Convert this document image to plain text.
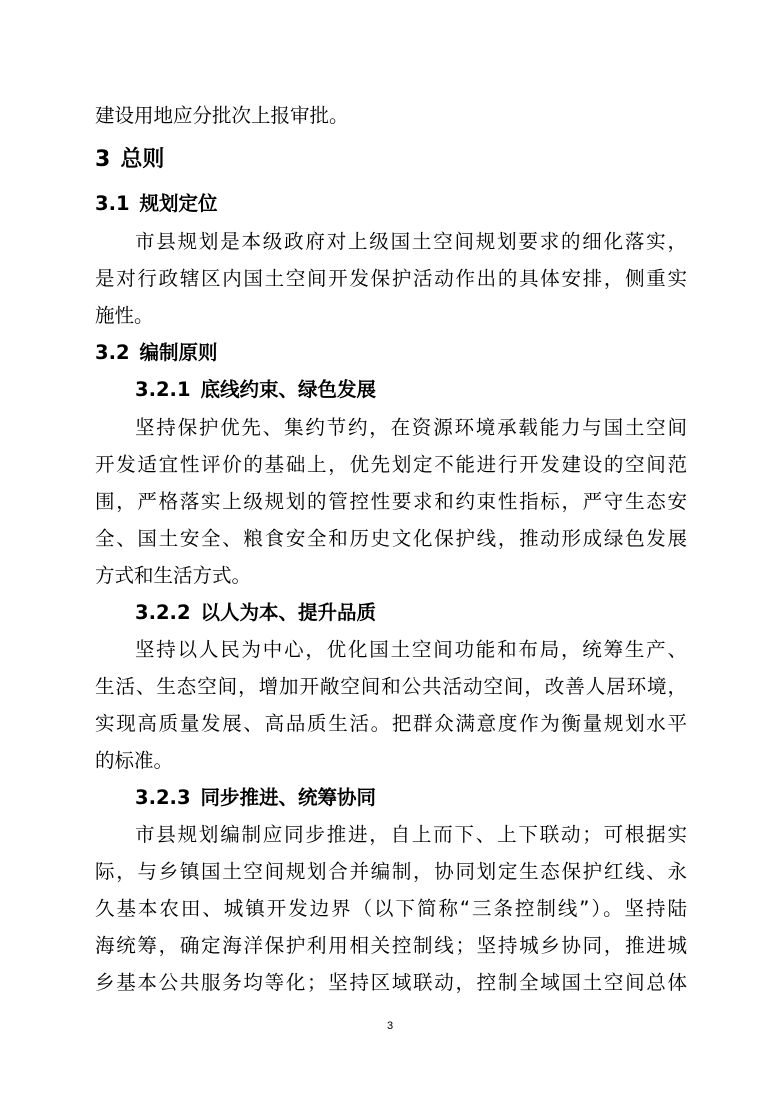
建设用地应分批次上报审批。
3 总则
3.1 规划定位
市县规划是本级政府对上级国土空间规划要求的细化落实，
是对行政辖区内国土空间开发保护活动作出的具体安排，侧重实
施性。
3.2 编制原则
3.2.1 底线约束、绿色发展
坚持保护优先、集约节约，在资源环境承载能力与国土空间
开发适宜性评价的基础上，优先划定不能进行开发建设的空间范
围，严格落实上级规划的管控性要求和约束性指标，严守生态安
全、国土安全、粮食安全和历史文化保护线，推动形成绿色发展
方式和生活方式。
3.2.2 以人为本、提升品质
坚持以人民为中心，优化国土空间功能和布局，统筹生产、
生活、生态空间，增加开敞空间和公共活动空间，改善人居环境，
实现高质量发展、高品质生活。把群众满意度作为衡量规划水平
的标准。
3.2.3 同步推进、统筹协同
市县规划编制应同步推进，自上而下、上下联动；可根据实
际，与乡镇国土空间规划合并编制，协同划定生态保护红线、永
久基本农田、城镇开发边界（以下简称“三条控制线”）。坚持陆
海统筹，确定海洋保护利用相关控制线；坚持城乡协同，推进城
乡基本公共服务均等化；坚持区域联动，控制全域国土空间总体
3
